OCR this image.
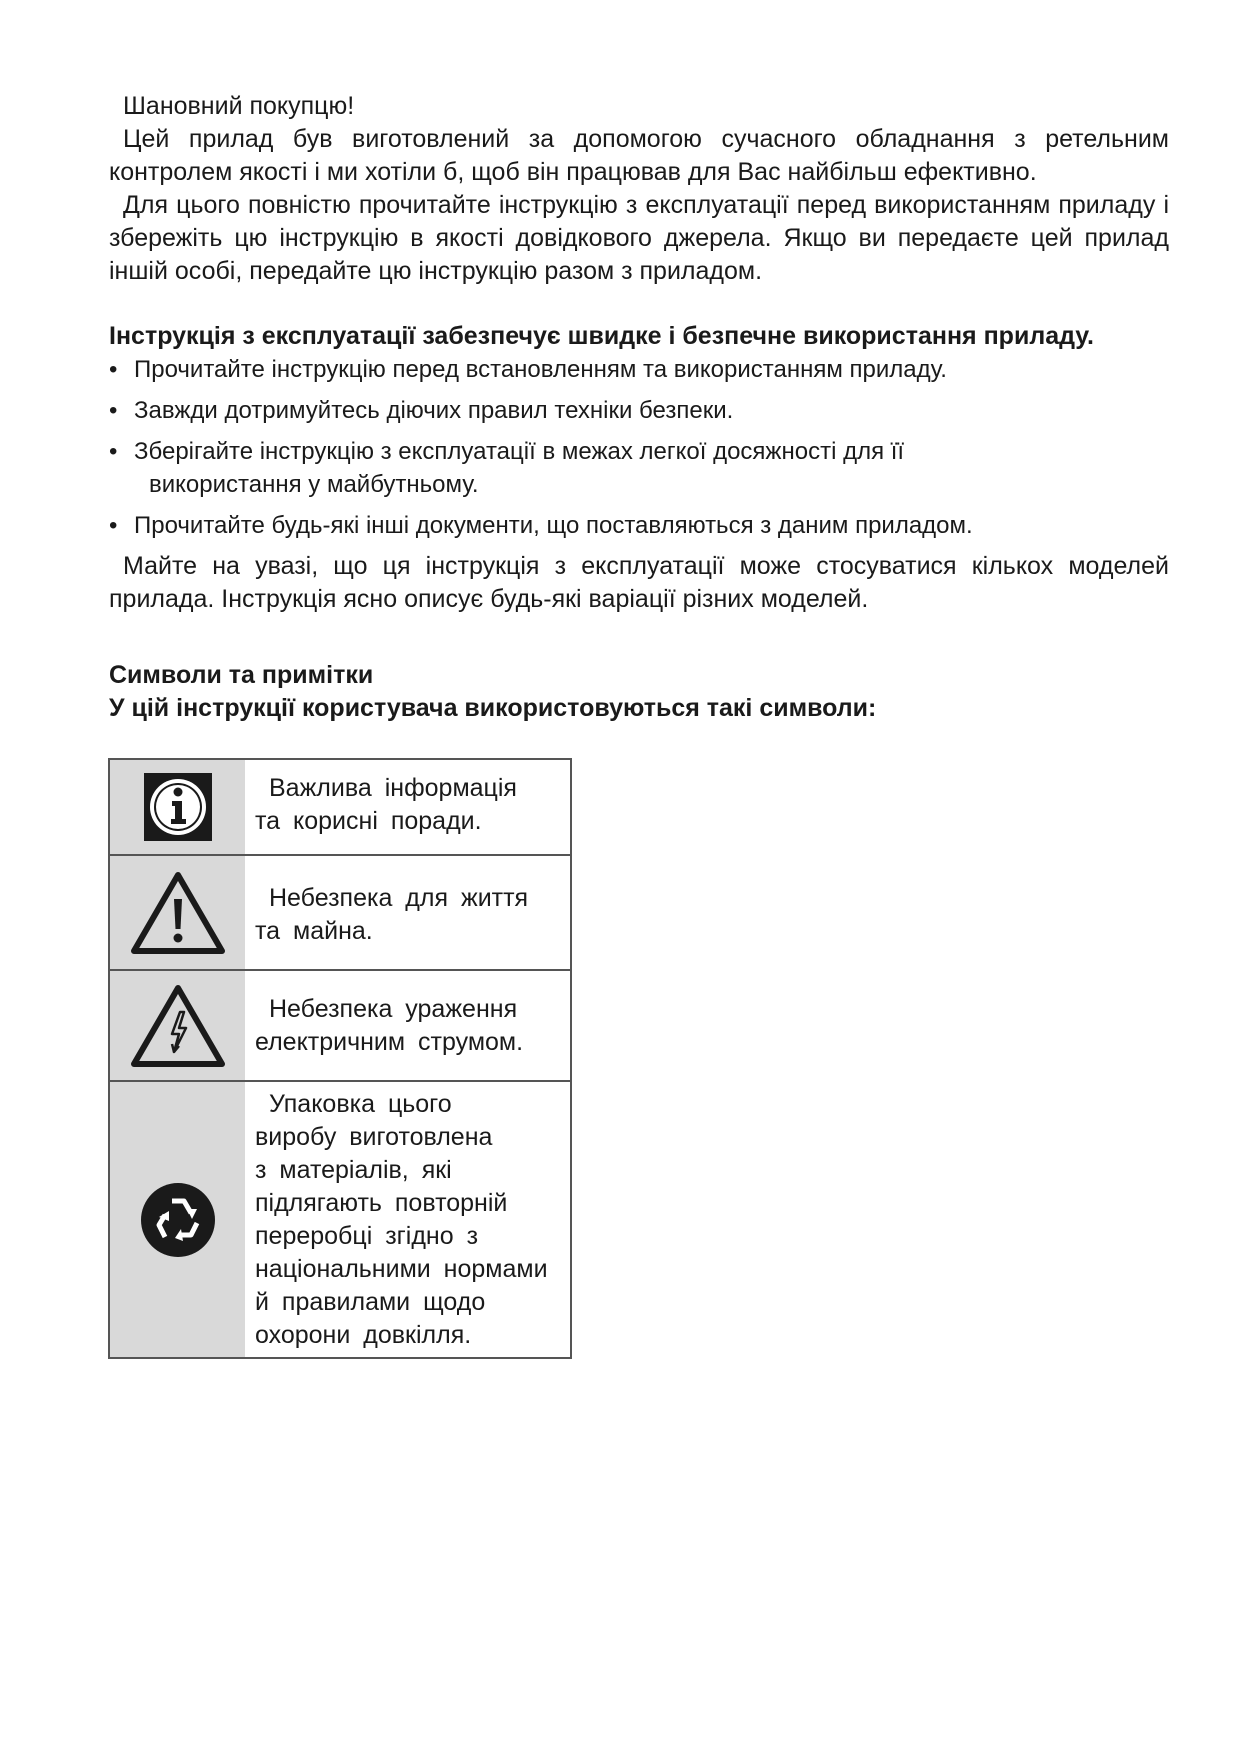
Шановний покупцю!

Цей прилад був виготовлений за допомогою сучасного обладнання з ретельним контролем якості і ми хотіли б, щоб він працював для Вас найбільш ефективно.

Для цього повністю прочитайте інструкцію з експлуатації перед використанням приладу і збережіть цю інструкцію в якості довідкового джерела. Якщо ви передаєте цей прилад іншій особі, передайте цю інструкцію разом з приладом.

Інструкція з експлуатації забезпечує швидке і безпечне використання приладу.

• Прочитайте інструкцію перед встановленням та використанням приладу.
• Завжди дотримуйтесь діючих правил техніки безпеки.
• Зберігайте інструкцію з експлуатації в межах легкої досяжності для її
використання у майбутньому.
• Прочитайте будь-які інші документи, що поставляються з даним приладом.

Майте на увазі, що ця інструкція з експлуатації може стосуватися кількох моделей прилада. Інструкція ясно описує будь-які варіації різних моделей.

Символи та примітки

У цій інструкції користувача використовуються такі символи:

Важлива інформація
та корисні поради.
Небезпека для життя
та майна.
Небезпека ураження
електричним струмом.
Упаковка цього
виробу виготовлена
з матеріалів, які
підлягають повторній
переробці згідно з
національними нормами
й правилами щодо
охорони довкілля.
